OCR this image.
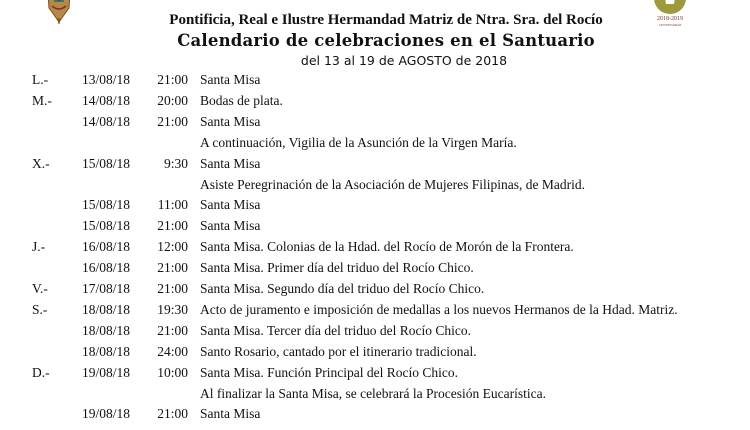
2018-2019
CENTENARIO
Pontificia, Real e Ilustre Hermandad Matriz de Ntra. Sra. del Rocío
Calendario de celebraciones en el Santuario
del 13 al 19 de AGOSTO de 2018
L.-	13/08/18	21:00 Santa Misa
M.- 14/08/18	20:00 Bodas de plata.
14/08/18	21:00 Santa Misa
A continuación, Vigilia de la Asunción de la Virgen María.
X.- 15/08/18	9:30 Santa Misa
Asiste Peregrinación de la Asociación de Mujeres Filipinas, de Madrid.
15/08/18	11:00 Santa Misa
15/08/18	21:00 Santa Misa
J.-	16/08/18	12:00 Santa Misa. Colonias de la Hdad. del Rocío de Morón de la Frontera.
16/08/18	21:00 Santa Misa. Primer día del triduo del Rocío Chico.
V.-	17/08/18	21:00 Santa Misa. Segundo día del triduo del Rocío Chico.
S.-	18/08/18	19:30 Acto de juramento e imposición de medallas a los nuevos Hermanos de la Hdad. Matriz.
18/08/18	21:00 Santa Misa. Tercer día del triduo del Rocío Chico.
18/08/18	24:00 Santo Rosario, cantado por el itinerario tradicional.
D.- 19/08/18	10:00 Santa Misa. Función Principal del Rocío Chico.
Al finalizar la Santa Misa, se celebrará la Procesión Eucarística.
19/08/18	21:00 Santa Misa
